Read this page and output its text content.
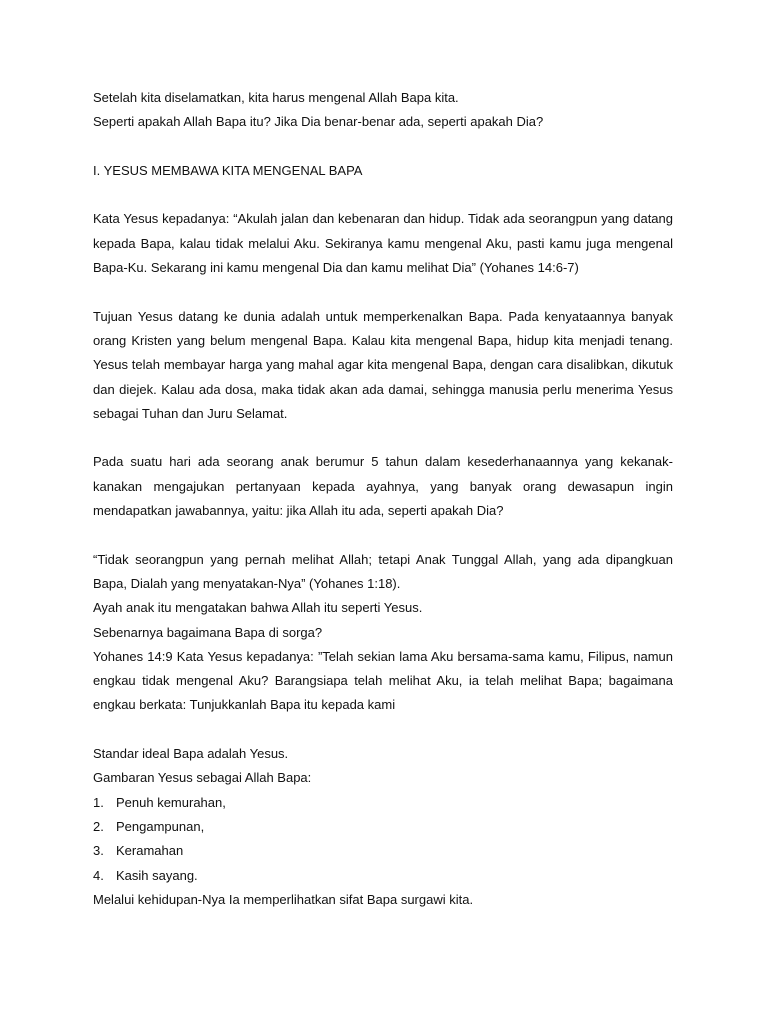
Setelah kita diselamatkan, kita harus mengenal Allah Bapa kita.

Seperti apakah Allah Bapa itu? Jika Dia benar-benar ada, seperti apakah Dia?

I. YESUS MEMBAWA KITA MENGENAL BAPA

Kata Yesus kepadanya: “Akulah jalan dan kebenaran dan hidup. Tidak ada seorangpun yang datang kepada Bapa, kalau tidak melalui Aku. Sekiranya kamu mengenal Aku, pasti kamu juga mengenal Bapa-Ku. Sekarang ini kamu mengenal Dia dan kamu melihat Dia” (Yohanes 14:6-7)

Tujuan Yesus datang ke dunia adalah untuk memperkenalkan Bapa. Pada kenyataannya banyak orang Kristen yang belum mengenal Bapa. Kalau kita mengenal Bapa, hidup kita menjadi tenang. Yesus telah membayar harga yang mahal agar kita mengenal Bapa, dengan cara disalibkan, dikutuk dan diejek. Kalau ada dosa, maka tidak akan ada damai, sehingga manusia perlu menerima Yesus sebagai Tuhan dan Juru Selamat.

Pada suatu hari ada seorang anak berumur 5 tahun dalam kesederhanaannya yang kekanak-kanakan mengajukan pertanyaan kepada ayahnya, yang banyak orang dewasapun ingin mendapatkan jawabannya, yaitu: jika Allah itu ada, seperti apakah Dia?

“Tidak seorangpun yang pernah melihat Allah; tetapi Anak Tunggal Allah, yang ada dipangkuan Bapa, Dialah yang menyatakan-Nya” (Yohanes 1:18).

Ayah anak itu mengatakan bahwa Allah itu seperti Yesus.

Sebenarnya bagaimana Bapa di sorga?

Yohanes 14:9 Kata Yesus kepadanya: ”Telah sekian lama Aku bersama-sama kamu, Filipus, namun engkau tidak mengenal Aku? Barangsiapa telah melihat Aku, ia telah melihat Bapa; bagaimana engkau berkata: Tunjukkanlah Bapa itu kepada kami

Standar ideal Bapa adalah Yesus.

Gambaran Yesus sebagai Allah Bapa:

1. Penuh kemurahan,
2. Pengampunan,
3. Keramahan
4. Kasih sayang.

Melalui kehidupan-Nya Ia memperlihatkan sifat Bapa surgawi kita.
